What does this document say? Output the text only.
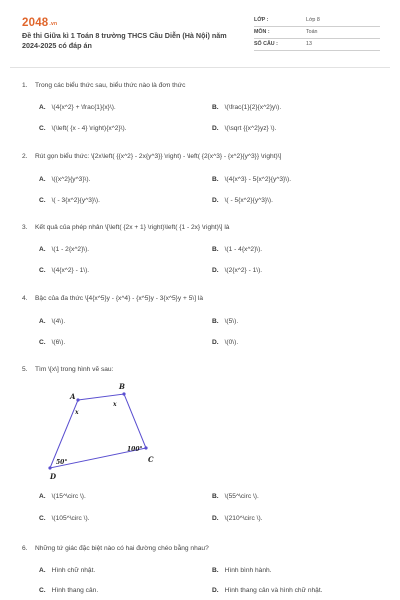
2048.vn
Đề thi Giữa kì 1 Toán 8 trường THCS Cầu Diễn (Hà Nội) năm 2024-2025 có đáp án
LỚP :	Lớp 8
MÔN :	Toán
SỐ CÂU :	13
1. Trong các biểu thức sau, biểu thức nào là đơn thức
A. \(4{x^2} + \frac{1}{x}\).	B. \(\frac{1}{2}{x^2}y\).
C. \(\left( {x - 4} \right){x^2}\).	D. \(\sqrt {{x^2}yz} \).
2. Rút gọn biểu thức: \[2x\left( {{x^2} - 2x{y^3}} \right) - \left( {2{x^3} - {x^2}{y^3}} \right)\]
A. \({x^2}{y^3}\).	B. \(4{x^3} - 5{x^2}{y^3}\).
C. \( - 3{x^2}{y^3}\).	D. \( - 5{x^2}{y^3}\).
3. Kết quả của phép nhân \[\left( {2x + 1} \right)\left( {1 - 2x} \right)\] là
A. \(1 - 2{x^2}\).	B. \(1 - 4{x^2}\).
C. \(4{x^2} - 1\).	D. \(2{x^2} - 1\).
4. Bậc của đa thức \[4{x^5}y - {x^4} - {x^5}y - 3{x^5}y + 5\] là
A. \(4\).	B. \(5\).
C. \(6\).	D. \(0\).
5. Tìm \[x\] trong hình vẽ sau:
A. \(15^\circ \).	B. \(55^\circ \).
C. \(105^\circ \).	D. \(210^\circ \).
A
B
C
D
x
x
100°
50°
6. Những tứ giác đặc biệt nào có hai đường chéo bằng nhau?
A. Hình chữ nhật.	B. Hình bình hành.
C. Hình thang cân.	D. Hình thang cân và hình chữ nhật.
